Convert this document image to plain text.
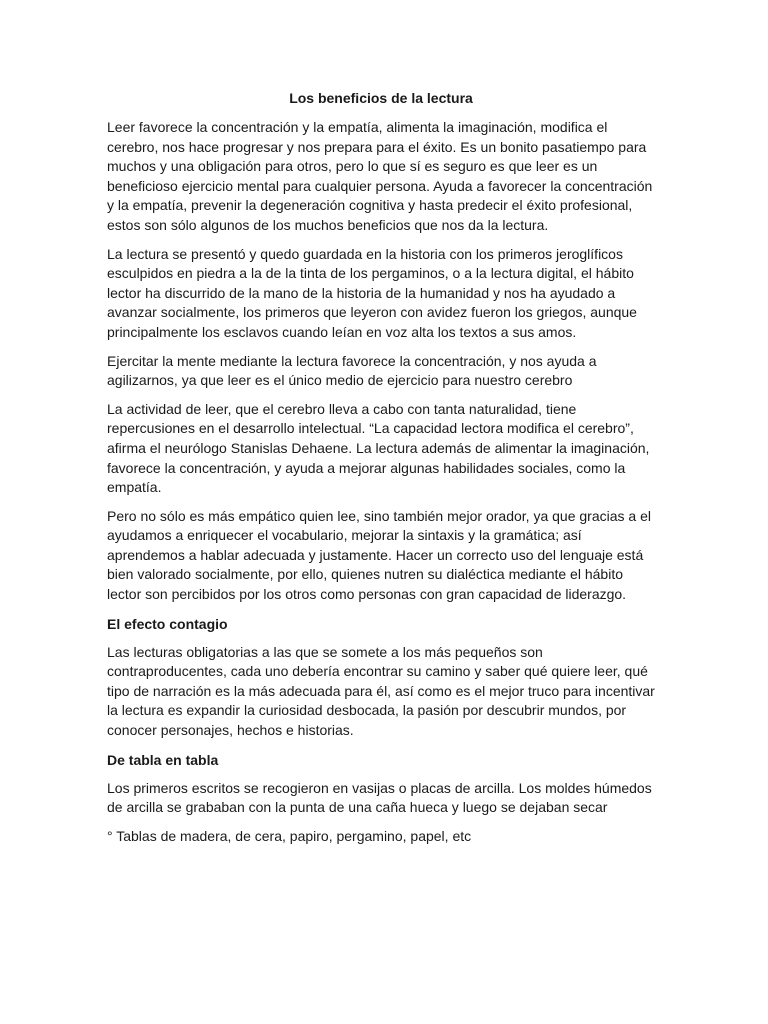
Los beneficios de la lectura

Leer favorece la concentración y la empatía, alimenta la imaginación, modifica el cerebro, nos hace progresar y nos prepara para el éxito. Es un bonito pasatiempo para muchos y una obligación para otros, pero lo que sí es seguro es que leer es un beneficioso ejercicio mental para cualquier persona. Ayuda a favorecer la concentración y la empatía, prevenir la degeneración cognitiva y hasta predecir el éxito profesional, estos son sólo algunos de los muchos beneficios que nos da la lectura.

La lectura se presentó y quedo guardada en la historia con los primeros jeroglíficos esculpidos en piedra a la de la tinta de los pergaminos, o a la lectura digital, el hábito lector ha discurrido de la mano de la historia de la humanidad y nos ha ayudado a avanzar socialmente, los primeros que leyeron con avidez fueron los griegos, aunque principalmente los esclavos cuando leían en voz alta los textos a sus amos.

Ejercitar la mente mediante la lectura favorece la concentración, y nos ayuda a agilizarnos, ya que leer es el único medio de ejercicio para nuestro cerebro

La actividad de leer, que el cerebro lleva a cabo con tanta naturalidad, tiene repercusiones en el desarrollo intelectual. “La capacidad lectora modifica el cerebro”, afirma el neurólogo Stanislas Dehaene. La lectura además de alimentar la imaginación, favorece la concentración, y ayuda a mejorar algunas habilidades sociales, como la empatía.

Pero no sólo es más empático quien lee, sino también mejor orador, ya que gracias a el ayudamos a enriquecer el vocabulario, mejorar la sintaxis y la gramática; así aprendemos a hablar adecuada y justamente. Hacer un correcto uso del lenguaje está bien valorado socialmente, por ello, quienes nutren su dialéctica mediante el hábito lector son percibidos por los otros como personas con gran capacidad de liderazgo.

El efecto contagio

Las lecturas obligatorias a las que se somete a los más pequeños son contraproducentes, cada uno debería encontrar su camino y saber qué quiere leer, qué tipo de narración es la más adecuada para él, así como es el mejor truco para incentivar la lectura es expandir la curiosidad desbocada, la pasión por descubrir mundos, por conocer personajes, hechos e historias.

De tabla en tabla

Los primeros escritos se recogieron en vasijas o placas de arcilla. Los moldes húmedos de arcilla se grababan con la punta de una caña hueca y luego se dejaban secar

° Tablas de madera, de cera, papiro, pergamino, papel, etc
